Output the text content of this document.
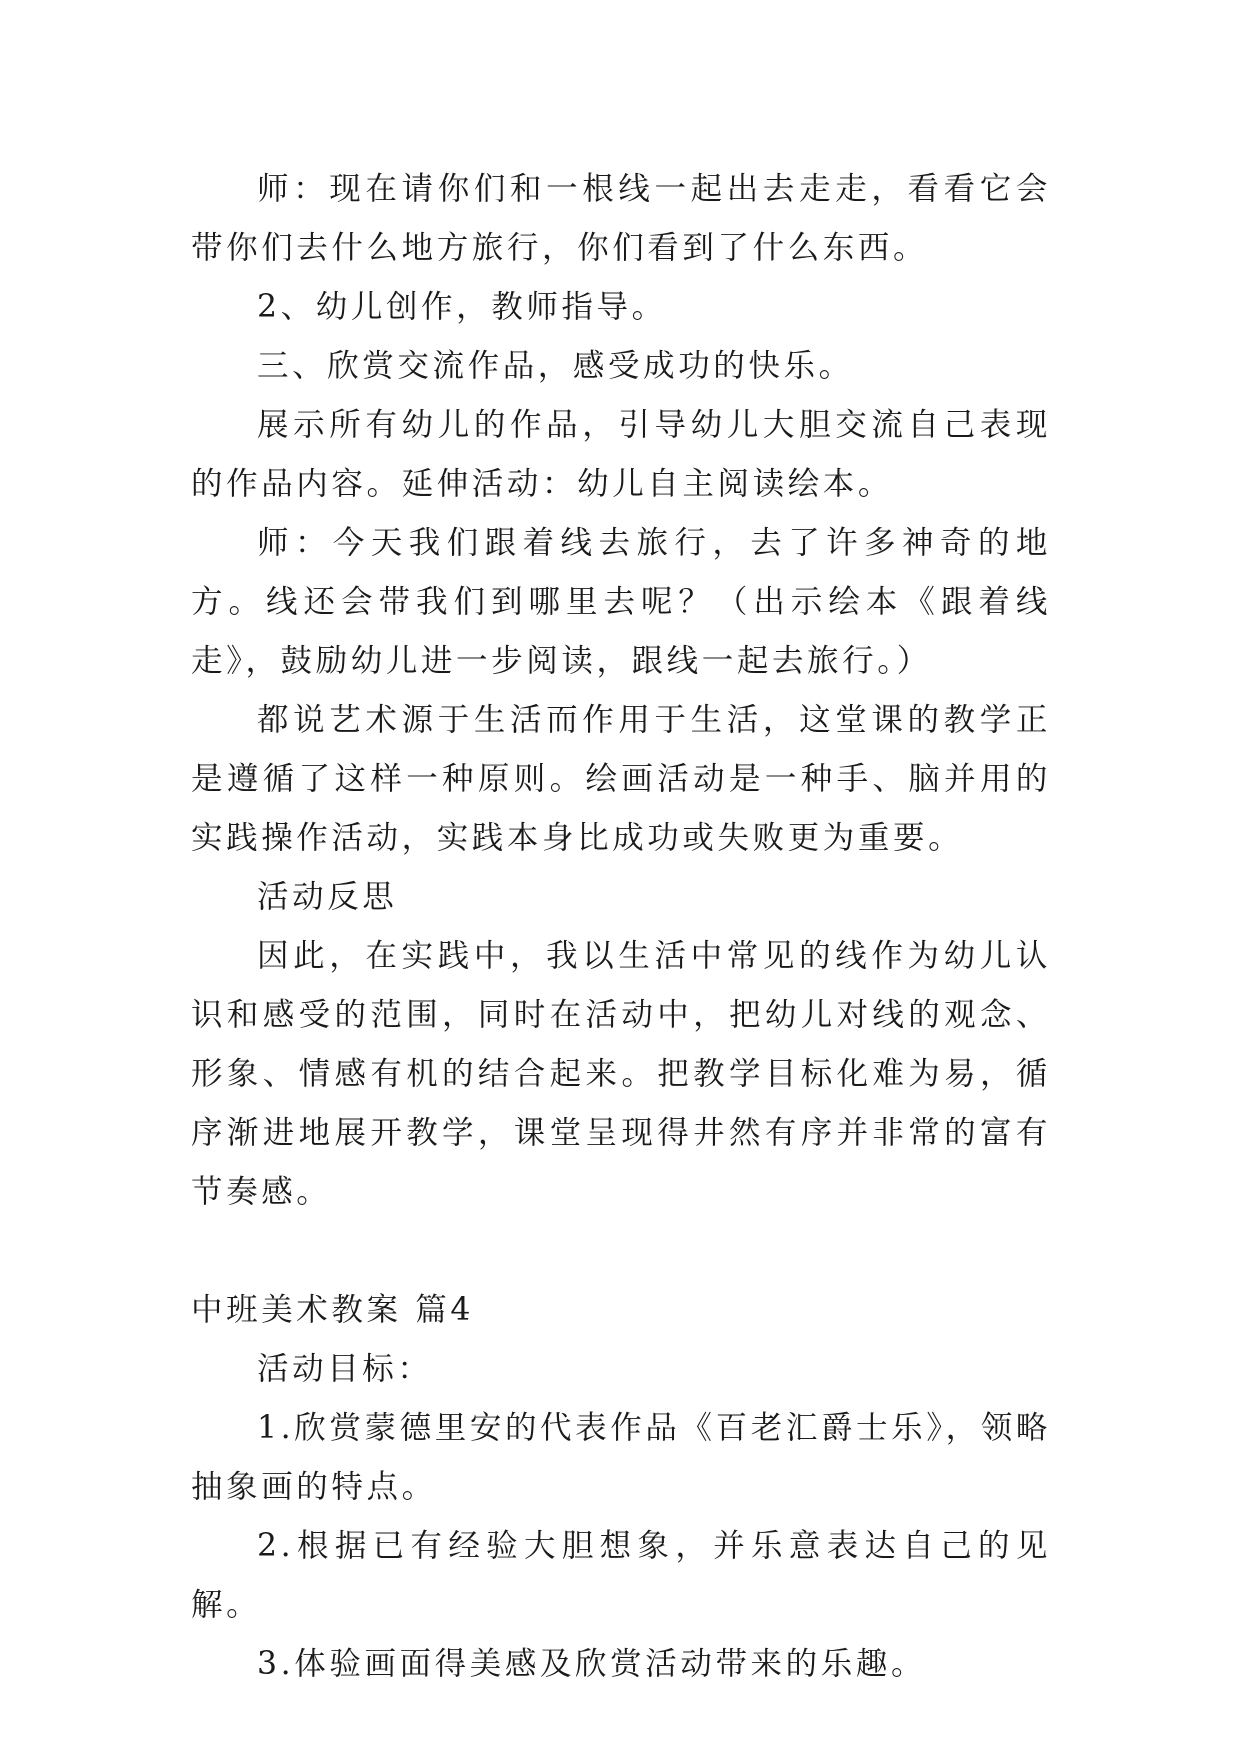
师：现在请你们和一根线一起出去走走，看看它会带你们去什么地方旅行，你们看到了什么东西。

2、幼儿创作，教师指导。

三、欣赏交流作品，感受成功的快乐。

展示所有幼儿的作品，引导幼儿大胆交流自己表现的作品内容。延伸活动：幼儿自主阅读绘本。

师：今天我们跟着线去旅行，去了许多神奇的地方。线还会带我们到哪里去呢？（出示绘本《跟着线走》，鼓励幼儿进一步阅读，跟线一起去旅行。）

都说艺术源于生活而作用于生活，这堂课的教学正是遵循了这样一种原则。绘画活动是一种手、脑并用的实践操作活动，实践本身比成功或失败更为重要。

活动反思

因此，在实践中，我以生活中常见的线作为幼儿认识和感受的范围，同时在活动中，把幼儿对线的观念、形象、情感有机的结合起来。把教学目标化难为易，循序渐进地展开教学，课堂呈现得井然有序并非常的富有节奏感。

中班美术教案 篇4

活动目标：

1.欣赏蒙德里安的代表作品《百老汇爵士乐》，领略抽象画的特点。

2.根据已有经验大胆想象，并乐意表达自己的见解。

3.体验画面得美感及欣赏活动带来的乐趣。
